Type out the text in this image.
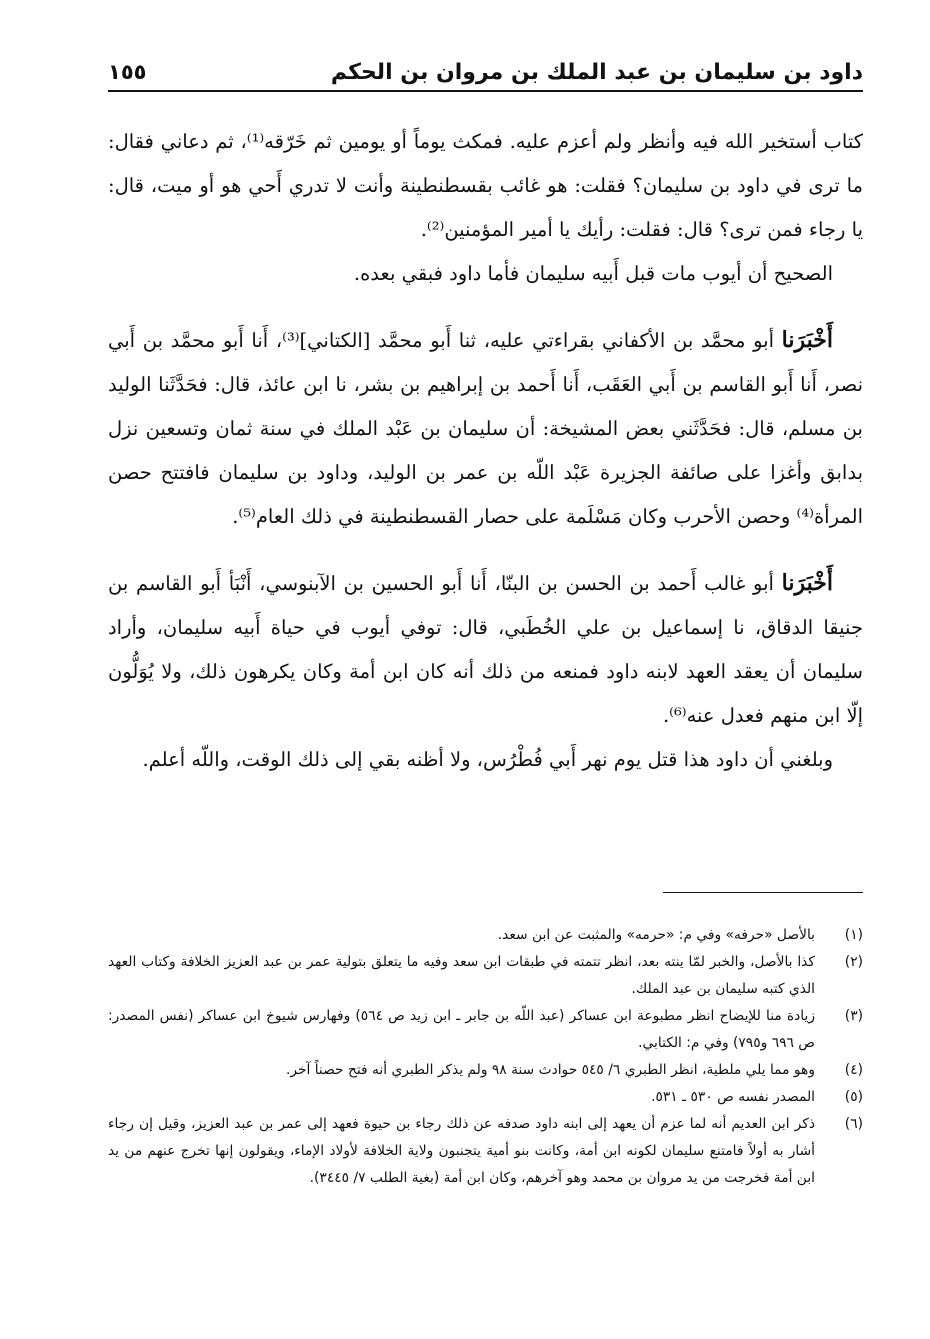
داود بن سليمان بن عبد الملك بن مروان بن الحكم
١٥٥

كتاب أستخير الله فيه وأنظر ولم أعزم عليه. فمكث يوماً أو يومين ثم خَرّقه⁽¹⁾، ثم دعاني فقال: ما ترى في داود بن سليمان؟ فقلت: هو غائب بقسطنطينة وأنت لا تدري أَحي هو أو ميت، قال: يا رجاء فمن ترى؟ قال: فقلت: رأيك يا أمير المؤمنين⁽²⁾.

الصحيح أن أيوب مات قبل أَبيه سليمان فأما داود فبقي بعده.

أَخْبَرَنا أبو محمَّد بن الأكفاني بقراءتي عليه، ثنا أَبو محمَّد [الكتاني]⁽³⁾، أَنا أَبو محمَّد بن أَبي نصر، أَنا أَبو القاسم بن أَبي العَقَب، أَنا أَحمد بن إبراهيم بن بشر، نا ابن عائذ، قال: فحَدَّثَنا الوليد بن مسلم، قال: فحَدَّثَني بعض المشيخة: أن سليمان بن عَبْد الملك في سنة ثمان وتسعين نزل بدابق وأغزا على صائفة الجزيرة عَبْد اللّه بن عمر بن الوليد، وداود بن سليمان فافتتح حصن المرأة⁽⁴⁾ وحصن الأحرب وكان مَسْلَمة على حصار القسطنطينة في ذلك العام⁽⁵⁾.

أَخْبَرَنا أبو غالب أَحمد بن الحسن بن البنّا، أَنا أَبو الحسين بن الآبنوسي، أَنْبَأ أَبو القاسم بن جنيقا الدقاق، نا إسماعيل بن علي الخُطَبي، قال: توفي أيوب في حياة أَبيه سليمان، وأراد سليمان أن يعقد العهد لابنه داود فمنعه من ذلك أنه كان ابن أمة وكان يكرهون ذلك، ولا يُوَلُّون إلّا ابن منهم فعدل عنه⁽⁶⁾.

وبلغني أن داود هذا قتل يوم نهر أَبي فُطْرُس، ولا أظنه بقي إلى ذلك الوقت، واللّه أعلم.

(١)
بالأصل «حرفه» وفي م: «حرمه» والمثبت عن ابن سعد.
(٢)
كذا بالأصل، والخبر لمّا ينته بعد، انظر تتمته في طبقات ابن سعد وفيه ما يتعلق بتولية عمر بن عبد العزيز الخلافة وكتاب العهد الذي كتبه سليمان بن عبد الملك.
(٣)
زيادة منا للإيضاح انظر مطبوعة ابن عساكر (عبد اللّه بن جابر ـ ابن زيد ص ٥٦٤) وفهارس شيوخ ابن عساكر (نفس المصدر: ص ٦٩٦ و٧٩٥) وفي م: الكتابي.
(٤)
وهو مما يلي ملطية، انظر الطبري ٦/ ٥٤٥ حوادث سنة ٩٨ ولم يذكر الطبري أنه فتح حصناً آخر.
(٥)
المصدر نفسه ص ٥٣٠ ـ ٥٣١.
(٦)
ذكر ابن العديم أنه لما عزم أن يعهد إلى ابنه داود صدفه عن ذلك رجاء بن حيوة فعهد إلى عمر بن عبد العزيز، وقيل إن رجاء أشار به أولاً فامتنع سليمان لكونه ابن أمة، وكانت بنو أمية يتجنبون ولاية الخلافة لأولاد الإماء، ويقولون إنها تخرج عنهم من يد ابن أمة فخرجت من يد مروان بن محمد وهو آخرهم، وكان ابن أمة (بغية الطلب ٧/ ٣٤٤٥).
